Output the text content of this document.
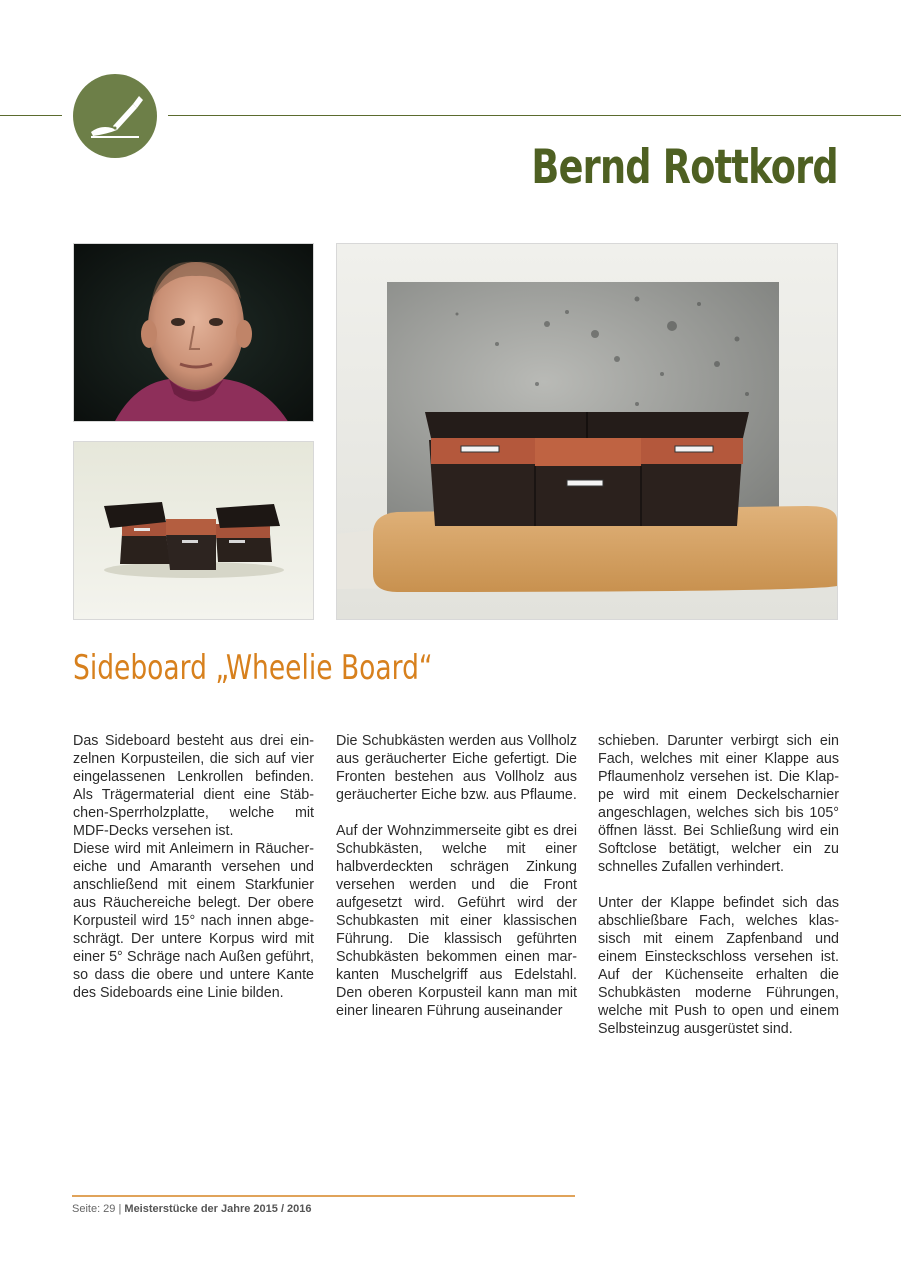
Bernd Rottkord
Sideboard „Wheelie Board“

Das Sideboard besteht aus drei einzelnen Korpusteilen, die sich auf vier eingelassenen Lenkrollen befinden. Als Trägermaterial dient eine Stäbchen-Sperrholzplatte, welche mit MDF-Decks versehen ist.

Diese wird mit Anleimern in Räuchereiche und Amaranth versehen und anschließend mit einem Starkfunier aus Räuchereiche belegt. Der obere Korpusteil wird 15° nach innen abgeschrägt. Der untere Korpus wird mit einer 5° Schräge nach Außen geführt, so dass die obere und untere Kante des Sideboards eine Linie bilden.

Die Schubkästen werden aus Vollholz aus geräucherter Eiche gefertigt. Die Fronten bestehen aus Vollholz aus geräucherter Eiche bzw. aus Pflaume.

Auf der Wohnzimmerseite gibt es drei Schubkästen, welche mit einer halbverdeckten schrägen Zinkung versehen werden und die Front aufgesetzt wird. Geführt wird der Schubkasten mit einer klassischen Führung. Die klassisch geführten Schubkästen bekommen einen markanten Muschelgriff aus Edelstahl. Den oberen Korpusteil kann man mit einer linearen Führung auseinander

schieben. Darunter verbirgt sich ein Fach, welches mit einer Klappe aus Pflaumenholz versehen ist. Die Klappe wird mit einem Deckelscharnier angeschlagen, welches sich bis 105° öffnen lässt. Bei Schließung wird ein Softclose betätigt, welcher ein zu schnelles Zufallen verhindert.

Unter der Klappe befindet sich das abschließbare Fach, welches klassisch mit einem Zapfenband und einem Einsteckschloss versehen ist. Auf der Küchenseite erhalten die Schubkästen moderne Führungen, welche mit Push to open und einem Selbsteinzug ausgerüstet sind.

Seite: 29 | Meisterstücke der Jahre 2015 / 2016
